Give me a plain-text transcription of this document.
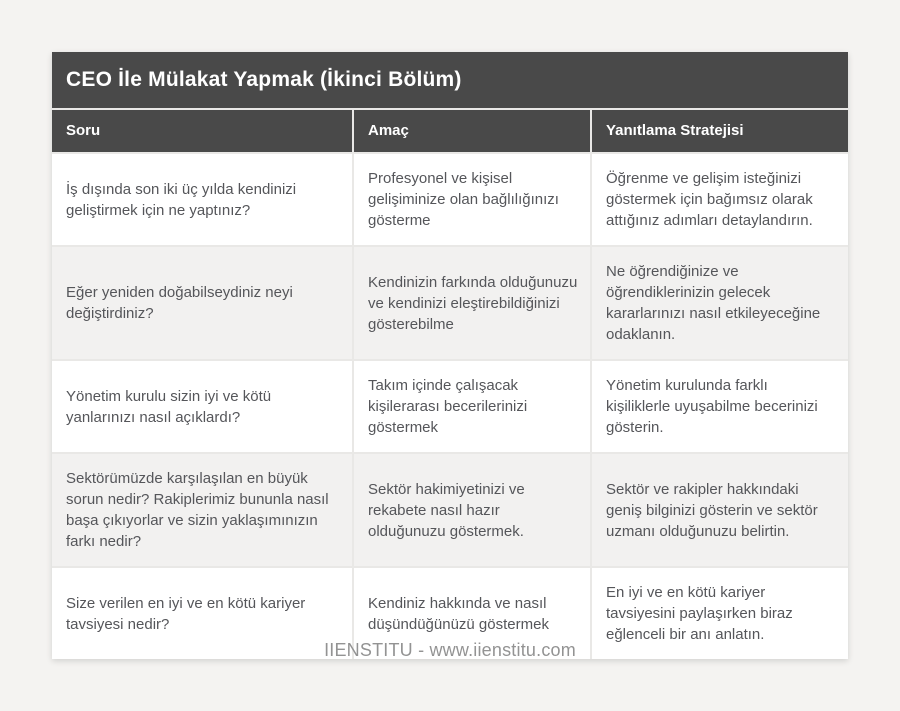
CEO İle Mülakat Yapmak (İkinci Bölüm)
Soru	Amaç	Yanıtlama Stratejisi
İş dışında son iki üç yılda kendinizi geliştirmek için ne yaptınız?
Profesyonel ve kişisel gelişiminize olan bağlılığınızı gösterme
Öğrenme ve gelişim isteğinizi göstermek için bağımsız olarak attığınız adımları detaylandırın.
Eğer yeniden doğabilseydiniz neyi değiştirdiniz?
Kendinizin farkında olduğunuzu ve kendinizi eleştirebildiğinizi gösterebilme
Ne öğrendiğinize ve öğrendiklerinizin gelecek kararlarınızı nasıl etkileyeceğine odaklanın.
Yönetim kurulu sizin iyi ve kötü yanlarınızı nasıl açıklardı?
Takım içinde çalışacak kişilerarası becerilerinizi göstermek
Yönetim kurulunda farklı kişiliklerle uyuşabilme becerinizi gösterin.
Sektörümüzde karşılaşılan en büyük sorun nedir? Rakiplerimiz bununla nasıl başa çıkıyorlar ve sizin yaklaşımınızın farkı nedir?
Sektör hakimiyetinizi ve rekabete nasıl hazır olduğunuzu göstermek.
Sektör ve rakipler hakkındaki geniş bilginizi gösterin ve sektör uzmanı olduğunuzu belirtin.
Size verilen en iyi ve en kötü kariyer tavsiyesi nedir?
Kendiniz hakkında ve nasıl düşündüğünüzü göstermek
En iyi ve en kötü kariyer tavsiyesini paylaşırken biraz eğlenceli bir anı anlatın.
IIENSTITU - www.iienstitu.com
